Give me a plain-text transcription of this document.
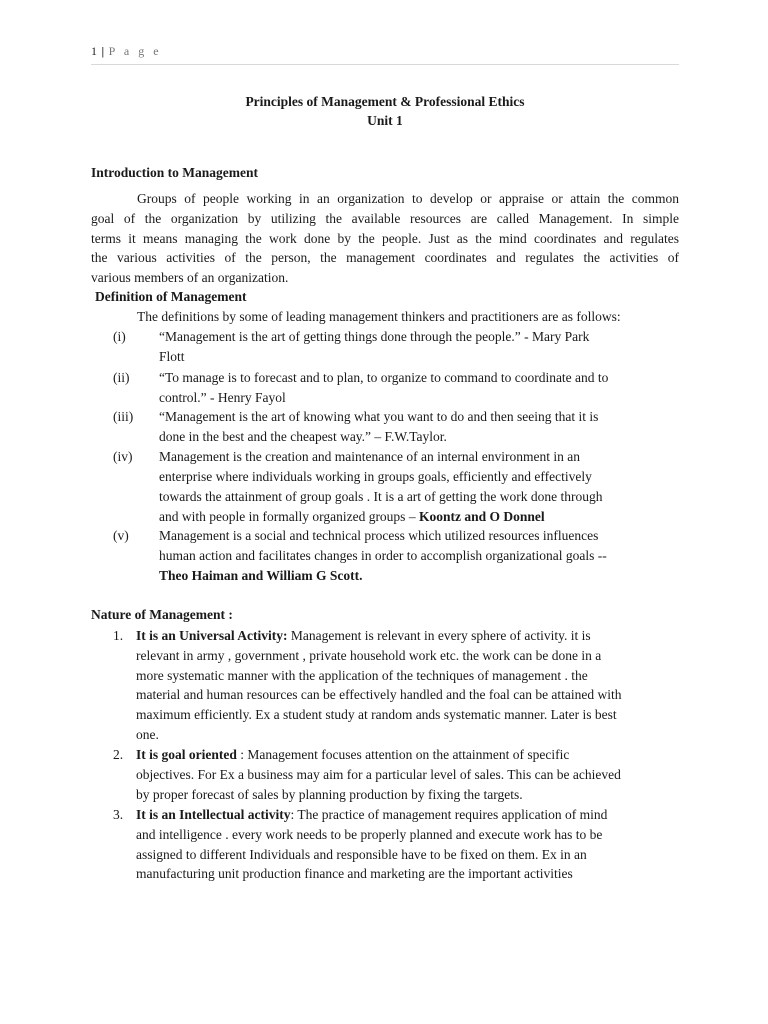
1 | P a g e
Principles of Management & Professional Ethics
Unit 1
Introduction to Management
Groups of people working in an organization to develop or appraise or attain the common
goal of the organization by utilizing the available resources are called Management. In simple
terms it means managing the work done by the people. Just as the mind coordinates and regulates
the various activities of the person, the management coordinates and regulates the activities of
various members of an organization.
Definition of Management
The definitions by some of leading management thinkers and practitioners are as follows:
(i) “Management is the art of getting things done through the people.” - Mary Park
Flott
(ii) “To manage is to forecast and to plan, to organize to command to coordinate and to
control.” - Henry Fayol
(iii) “Management is the art of knowing what you want to do and then seeing that it is
done in the best and the cheapest way.” – F.W.Taylor.
(iv) Management is the creation and maintenance of an internal environment in an
enterprise where individuals working in groups goals, efficiently and effectively
towards the attainment of group goals . It is a art of getting the work done through
and with people in formally organized groups – Koontz and O Donnel
(v) Management is a social and technical process which utilized resources influences
human action and facilitates changes in order to accomplish organizational goals --
Theo Haiman and William G Scott.
Nature of Management :
1. It is an Universal Activity: Management is relevant in every sphere of activity. it is
relevant in army , government , private household work etc. the work can be done in a
more systematic manner with the application of the techniques of management . the
material and human resources can be effectively handled and the foal can be attained with
maximum efficiently. Ex a student study at random ands systematic manner. Later is best
one.
2. It is goal oriented : Management focuses attention on the attainment of specific
objectives. For Ex a business may aim for a particular level of sales. This can be achieved
by proper forecast of sales by planning production by fixing the targets.
3. It is an Intellectual activity: The practice of management requires application of mind
and intelligence . every work needs to be properly planned and execute work has to be
assigned to different Individuals and responsible have to be fixed on them. Ex in an
manufacturing unit production finance and marketing are the important activities
